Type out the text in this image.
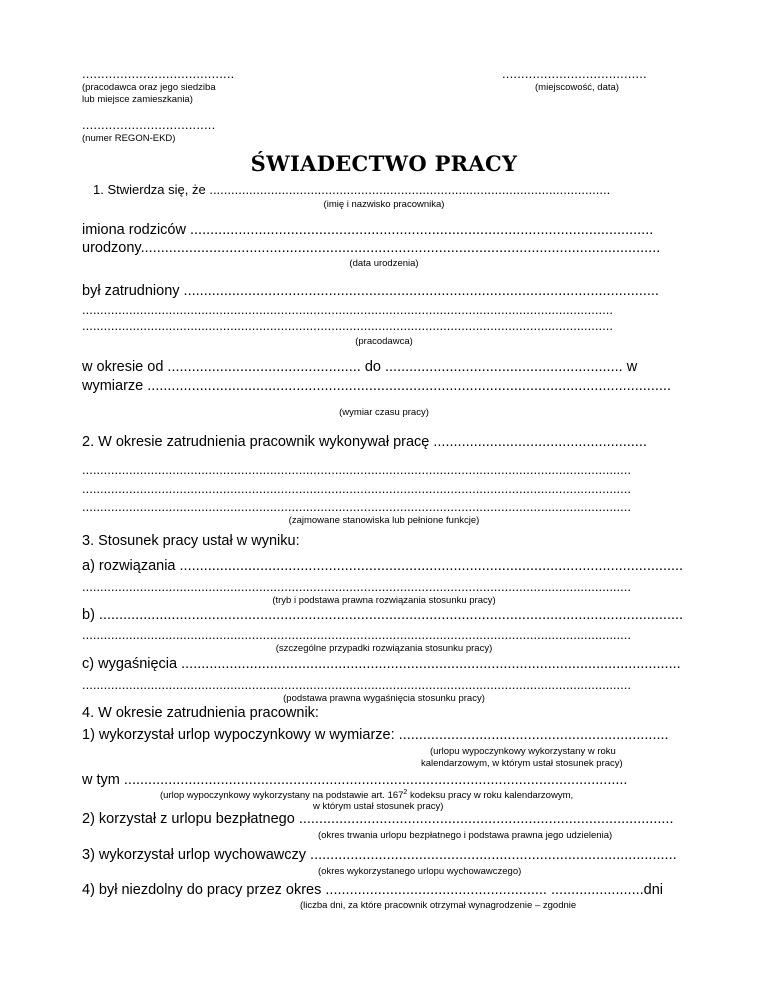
........................................
(pracodawca oraz jego siedziba
lub miejsce zamieszkania)
......................................
(miejscowość, data)
...................................
(numer REGON-EKD)
ŚWIADECTWO PRACY
1. Stwierdza się, że ...............................................................................................................
(imię i nazwisko pracownika)
imiona rodziców ...................................................................................................................
urodzony.................................................................................................................................
(data urodzenia)
był zatrudniony ......................................................................................................................
...................................................................................................................................................
...................................................................................................................................................
(pracodawca)
w okresie od ................................................ do ........................................................... w
wymiarze ..................................................................................................................................
(wymiar czasu pracy)
2. W okresie zatrudnienia pracownik wykonywał pracę .....................................................
........................................................................................................................................................
........................................................................................................................................................
........................................................................................................................................................
(zajmowane stanowiska lub pełnione funkcje)
3. Stosunek pracy ustał w wyniku:
a) rozwiązania .............................................................................................................................
........................................................................................................................................................
(tryb i podstawa prawna rozwiązania stosunku pracy)
b) .................................................................................................................................................
........................................................................................................................................................
(szczególne przypadki rozwiązania stosunku pracy)
c) wygaśnięcia ............................................................................................................................
........................................................................................................................................................
(podstawa prawna wygaśnięcia stosunku pracy)
4. W okresie zatrudnienia pracownik:
1) wykorzystał urlop wypoczynkowy w wymiarze: ...................................................................
(urlopu wypoczynkowy wykorzystany w roku
kalendarzowym, w którym ustał stosunek pracy)
w tym .............................................................................................................................
(urlop wypoczynkowy wykorzystany na podstawie art. $167^2$ kodeksu pracy w roku kalendarzowym,
w którym ustał stosunek pracy)
2) korzystał z urlopu bezpłatnego .............................................................................................
(okres trwania urlopu bezpłatnego i podstawa prawna jego udzielenia)
3) wykorzystał urlop wychowawczy ...........................................................................................
(okres wykorzystanego urlopu wychowawczego)
4) był niezdolny do pracy przez okres ....................................................... .......................dni
(liczba dni, za które pracownik otrzymał wynagrodzenie – zgodnie
